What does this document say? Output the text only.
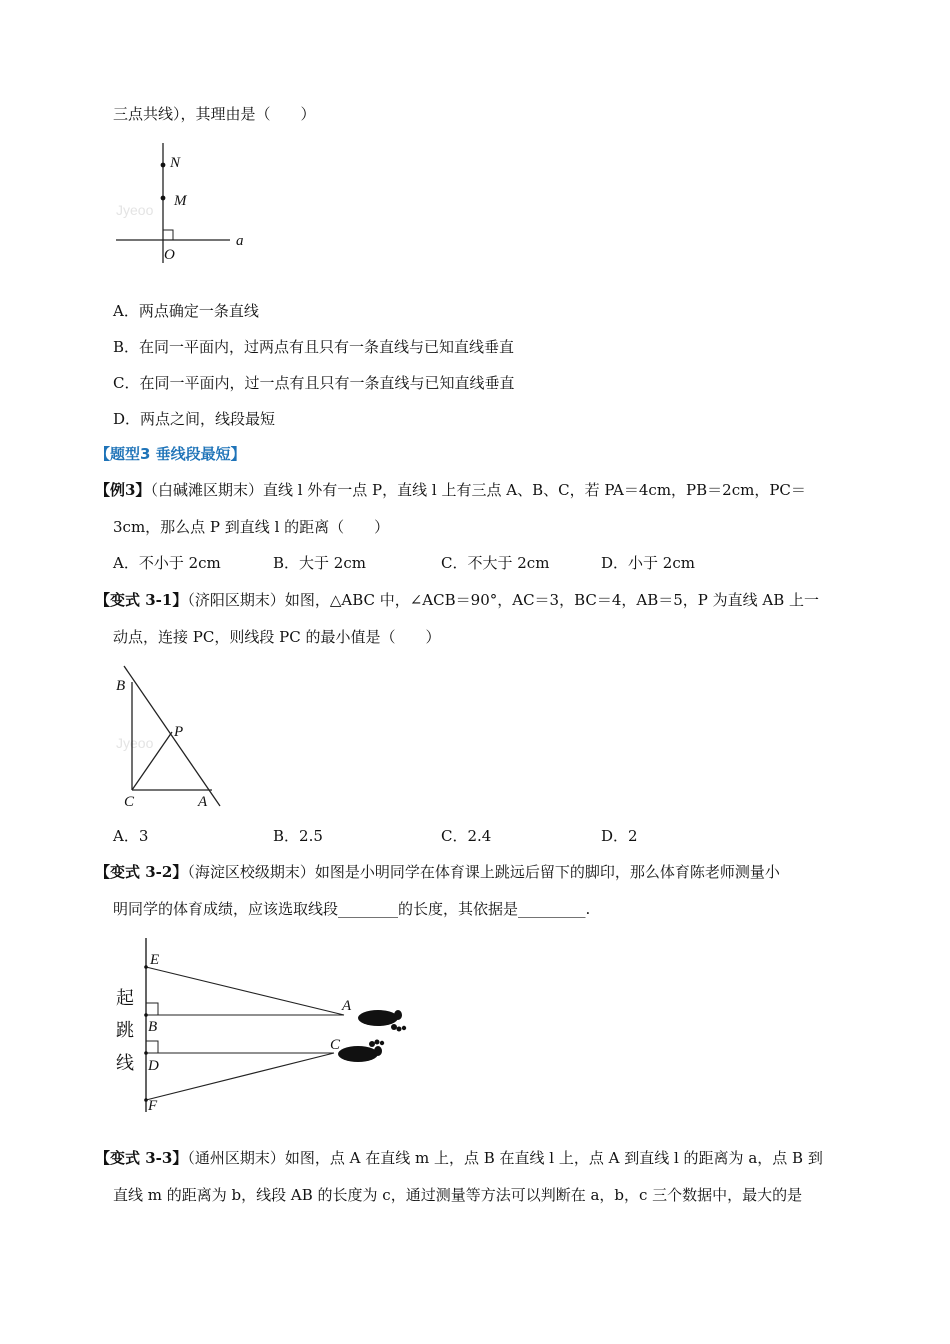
三点共线），其理由是（　　）
Jyeoo
N
M
O
a
A．两点确定一条直线
B．在同一平面内，过两点有且只有一条直线与已知直线垂直
C．在同一平面内，过一点有且只有一条直线与已知直线垂直
D．两点之间，线段最短
【题型3 垂线段最短】
【例3】（白碱滩区期末）直线 l 外有一点 P，直线 l 上有三点 A、B、C，若 PA＝4cm，PB＝2cm，PC＝
3cm，那么点 P 到直线 l 的距离（　　）
A．不小于 2cm	B．大于 2cm	C．不大于 2cm	D．小于 2cm
【变式 3-1】（济阳区期末）如图，△ABC 中，∠ACB＝90°，AC＝3，BC＝4，AB＝5，P 为直线 AB 上一
动点，连接 PC，则线段 PC 的最小值是（　　）
Jyeoo
B
P
C	A
A．3	B．2.5	C．2.4	D．2
【变式 3-2】（海淀区校级期末）如图是小明同学在体育课上跳远后留下的脚印，那么体育陈老师测量小
明同学的体育成绩，应该选取线段________的长度，其依据是_________.
E
A
B
C
D
F
起
跳
线
【变式 3-3】（通州区期末）如图，点 A 在直线 m 上，点 B 在直线 l 上，点 A 到直线 l 的距离为 a，点 B 到
直线 m 的距离为 b，线段 AB 的长度为 c，通过测量等方法可以判断在 a，b，c 三个数据中，最大的是
